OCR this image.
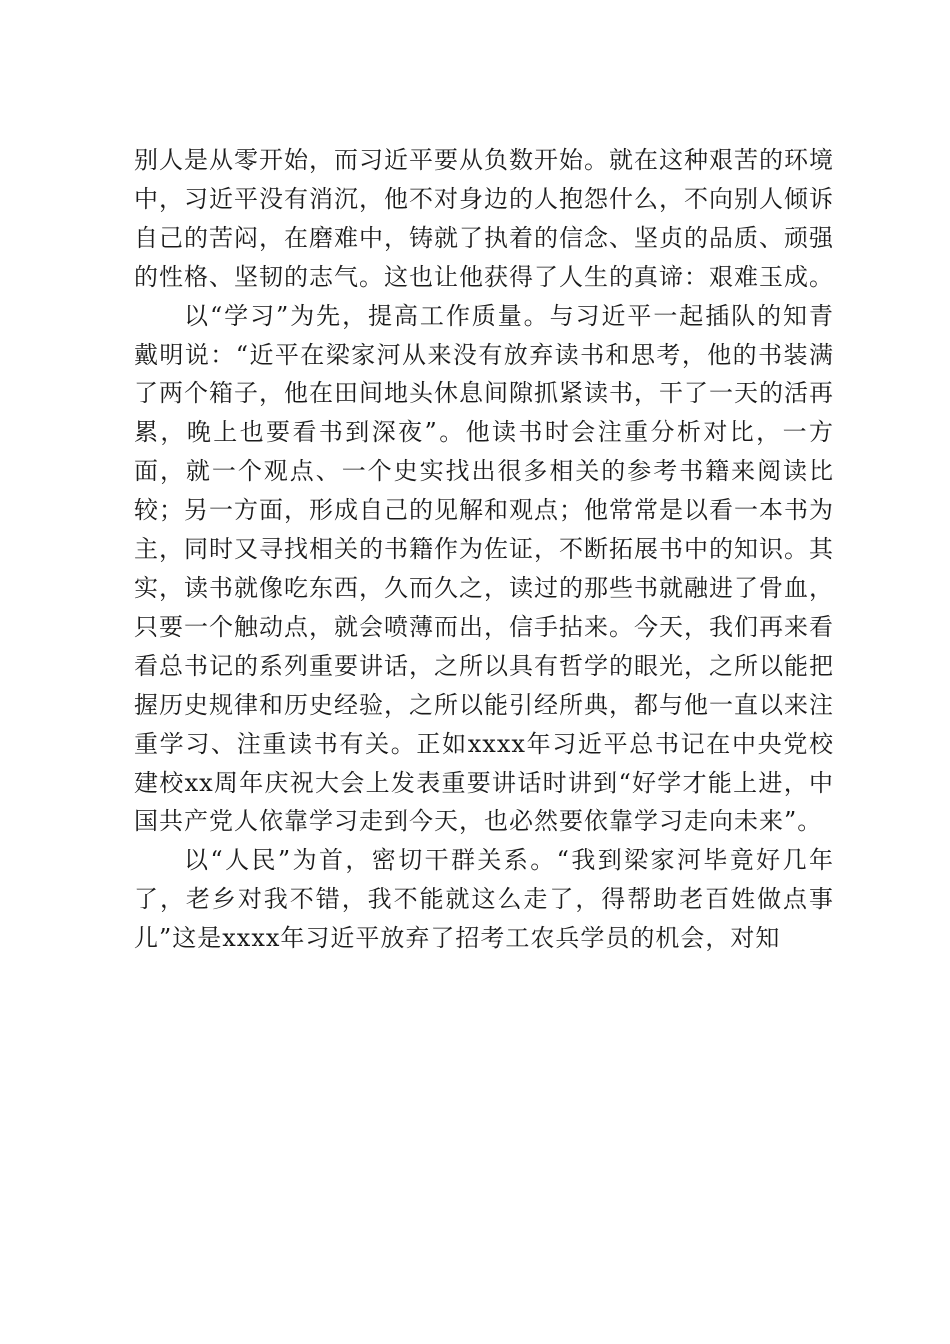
别人是从零开始，而习近平要从负数开始。就在这种艰苦的环境中，习近平没有消沉，他不对身边的人抱怨什么，不向别人倾诉自己的苦闷，在磨难中，铸就了执着的信念、坚贞的品质、顽强的性格、坚韧的志气。这也让他获得了人生的真谛：艰难玉成。

以“学习”为先，提高工作质量。与习近平一起插队的知青戴明说：“近平在梁家河从来没有放弃读书和思考，他的书装满了两个箱子，他在田间地头休息间隙抓紧读书，干了一天的活再累，晚上也要看书到深夜”。他读书时会注重分析对比，一方面，就一个观点、一个史实找出很多相关的参考书籍来阅读比较；另一方面，形成自己的见解和观点；他常常是以看一本书为主，同时又寻找相关的书籍作为佐证，不断拓展书中的知识。其实，读书就像吃东西，久而久之，读过的那些书就融进了骨血，只要一个触动点，就会喷薄而出，信手拈来。今天，我们再来看看总书记的系列重要讲话，之所以具有哲学的眼光，之所以能把握历史规律和历史经验，之所以能引经所典，都与他一直以来注重学习、注重读书有关。正如xxxx年习近平总书记在中央党校建校xx周年庆祝大会上发表重要讲话时讲到“好学才能上进，中国共产党人依靠学习走到今天，也必然要依靠学习走向未来”。

以“人民”为首，密切干群关系。“我到梁家河毕竟好几年了，老乡对我不错，我不能就这么走了，得帮助老百姓做点事儿”这是xxxx年习近平放弃了招考工农兵学员的机会，对知
